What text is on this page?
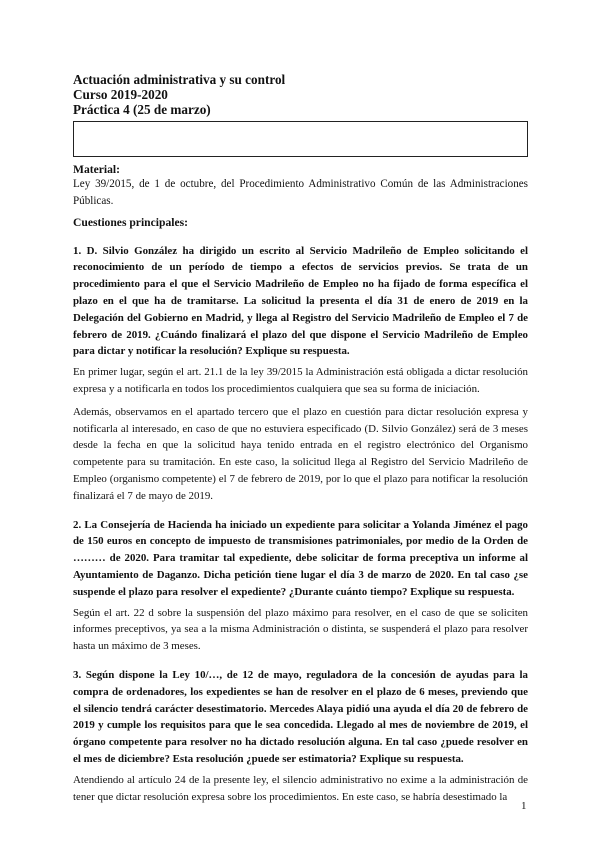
Actuación administrativa y su control

Curso 2019-2020

Práctica 4 (25 de marzo)

Material:

Ley 39/2015, de 1 de octubre, del Procedimiento Administrativo Común de las Administraciones Públicas.

Cuestiones principales:

1. D. Silvio González ha dirigido un escrito al Servicio Madrileño de Empleo solicitando el reconocimiento de un período de tiempo a efectos de servicios previos. Se trata de un procedimiento para el que el Servicio Madrileño de Empleo no ha fijado de forma específica el plazo en el que ha de tramitarse. La solicitud la presenta el día 31 de enero de 2019 en la Delegación del Gobierno en Madrid, y llega al Registro del Servicio Madrileño de Empleo el 7 de febrero de 2019. ¿Cuándo finalizará el plazo del que dispone el Servicio Madrileño de Empleo para dictar y notificar la resolución? Explique su respuesta.

En primer lugar, según el art. 21.1 de la ley 39/2015 la Administración está obligada a dictar resolución expresa y a notificarla en todos los procedimientos cualquiera que sea su forma de iniciación.

Además, observamos en el apartado tercero que el plazo en cuestión para dictar resolución expresa y notificarla al interesado, en caso de que no estuviera especificado (D. Silvio González) será de 3 meses desde la fecha en que la solicitud haya tenido entrada en el registro electrónico del Organismo competente para su tramitación. En este caso, la solicitud llega al Registro del Servicio Madrileño de Empleo (organismo competente) el 7 de febrero de 2019, por lo que el plazo para notificar la resolución finalizará el 7 de mayo de 2019.

2. La Consejería de Hacienda ha iniciado un expediente para solicitar a Yolanda Jiménez el pago de 150 euros en concepto de impuesto de transmisiones patrimoniales, por medio de la Orden de ……… de 2020. Para tramitar tal expediente, debe solicitar de forma preceptiva un informe al Ayuntamiento de Daganzo. Dicha petición tiene lugar el día 3 de marzo de 2020. En tal caso ¿se suspende el plazo para resolver el expediente? ¿Durante cuánto tiempo? Explique su respuesta.

Según el art. 22 d sobre la suspensión del plazo máximo para resolver, en el caso de que se soliciten informes preceptivos, ya sea a la misma Administración o distinta, se suspenderá el plazo para resolver hasta un máximo de 3 meses.

3. Según dispone la Ley 10/…, de 12 de mayo, reguladora de la concesión de ayudas para la compra de ordenadores, los expedientes se han de resolver en el plazo de 6 meses, previendo que el silencio tendrá carácter desestimatorio. Mercedes Alaya pidió una ayuda el día 20 de febrero de 2019 y cumple los requisitos para que le sea concedida. Llegado al mes de noviembre de 2019, el órgano competente para resolver no ha dictado resolución alguna. En tal caso ¿puede resolver en el mes de diciembre? Esta resolución ¿puede ser estimatoria? Explique su respuesta.

Atendiendo al artículo 24 de la presente ley, el silencio administrativo no exime a la administración de tener que dictar resolución expresa sobre los procedimientos. En este caso, se habría desestimado la

1
